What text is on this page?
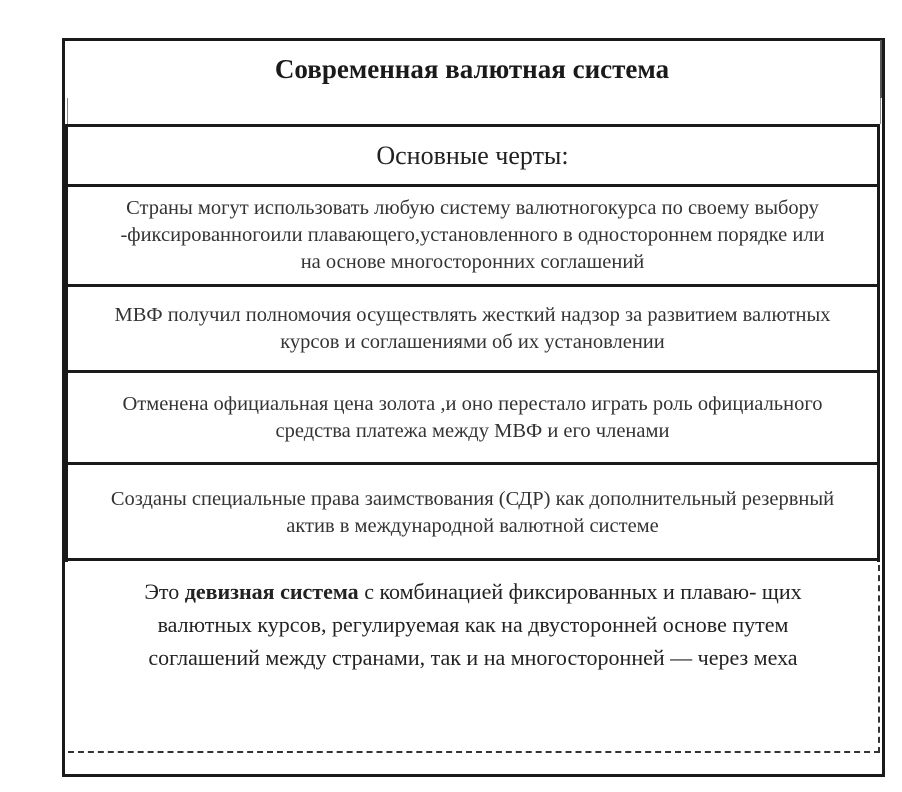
Современная валютная система
Основные черты:
Страны могут использовать любую систему валютногокурса по своему выбору -фиксированногоили плавающего,установленного в одностороннем порядке или на основе многосторонних соглашений
МВФ получил полномочия осуществлять жесткий надзор за развитием валютных курсов и соглашениями об их установлении
Отменена официальная цена золота ,и оно перестало играть роль официального средства платежа между МВФ и его членами
Созданы специальные права заимствования (СДР) как дополнительный резервный актив в международной валютной системе
Это девизная система с комбинацией фиксированных и плаваю- щих валютных курсов, регулируемая как на двусторонней основе путем соглашений между странами, так и на многосторонней — через меха
